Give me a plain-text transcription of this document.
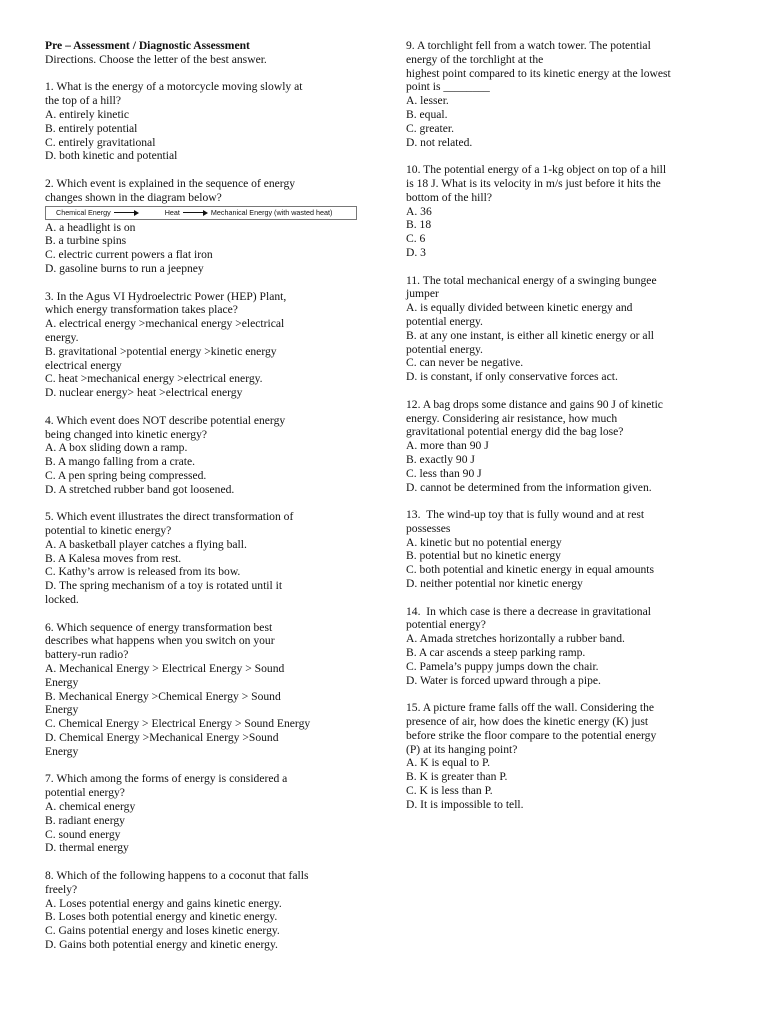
Pre – Assessment / Diagnostic Assessment
Directions. Choose the letter of the best answer.
1. What is the energy of a motorcycle moving slowly at
the top of a hill?
A. entirely kinetic
B. entirely potential
C. entirely gravitational
D. both kinetic and potential
2. Which event is explained in the sequence of energy
changes shown in the diagram below?
Chemical Energy	Heat	Mechanical Energy (with wasted heat)
A. a headlight is on
B. a turbine spins
C. electric current powers a flat iron
D. gasoline burns to run a jeepney
3. In the Agus VI Hydroelectric Power (HEP) Plant,
which energy transformation takes place?
A. electrical energy >mechanical energy >electrical
energy.
B. gravitational >potential energy >kinetic energy
electrical energy
C. heat >mechanical energy >electrical energy.
D. nuclear energy> heat >electrical energy
4. Which event does NOT describe potential energy
being changed into kinetic energy?
A. A box sliding down a ramp.
B. A mango falling from a crate.
C. A pen spring being compressed.
D. A stretched rubber band got loosened.
5. Which event illustrates the direct transformation of
potential to kinetic energy?
A. A basketball player catches a flying ball.
B. A Kalesa moves from rest.
C. Kathy’s arrow is released from its bow.
D. The spring mechanism of a toy is rotated until it
locked.
6. Which sequence of energy transformation best
describes what happens when you switch on your
battery-run radio?
A. Mechanical Energy > Electrical Energy > Sound
Energy
B. Mechanical Energy >Chemical Energy > Sound
Energy
C. Chemical Energy > Electrical Energy > Sound Energy
D. Chemical Energy >Mechanical Energy >Sound
Energy
7. Which among the forms of energy is considered a
potential energy?
A. chemical energy
B. radiant energy
C. sound energy
D. thermal energy
8. Which of the following happens to a coconut that falls
freely?
A. Loses potential energy and gains kinetic energy.
B. Loses both potential energy and kinetic energy.
C. Gains potential energy and loses kinetic energy.
D. Gains both potential energy and kinetic energy.
9. A torchlight fell from a watch tower. The potential
energy of the torchlight at the
highest point compared to its kinetic energy at the lowest
point is ________
A. lesser.
B. equal.
C. greater.
D. not related.
10. The potential energy of a 1-kg object on top of a hill
is 18 J. What is its velocity in m/s just before it hits the
bottom of the hill?
A. 36
B. 18
C. 6
D. 3
11. The total mechanical energy of a swinging bungee
jumper
A. is equally divided between kinetic energy and
potential energy.
B. at any one instant, is either all kinetic energy or all
potential energy.
C. can never be negative.
D. is constant, if only conservative forces act.
12. A bag drops some distance and gains 90 J of kinetic
energy. Considering air resistance, how much
gravitational potential energy did the bag lose?
A. more than 90 J
B. exactly 90 J
C. less than 90 J
D. cannot be determined from the information given.
13.  The wind-up toy that is fully wound and at rest
possesses
A. kinetic but no potential energy
B. potential but no kinetic energy
C. both potential and kinetic energy in equal amounts
D. neither potential nor kinetic energy
14.  In which case is there a decrease in gravitational
potential energy?
A. Amada stretches horizontally a rubber band.
B. A car ascends a steep parking ramp.
C. Pamela’s puppy jumps down the chair.
D. Water is forced upward through a pipe.
15. A picture frame falls off the wall. Considering the
presence of air, how does the kinetic energy (K) just
before strike the floor compare to the potential energy
(P) at its hanging point?
A. K is equal to P.
B. K is greater than P.
C. K is less than P.
D. It is impossible to tell.
